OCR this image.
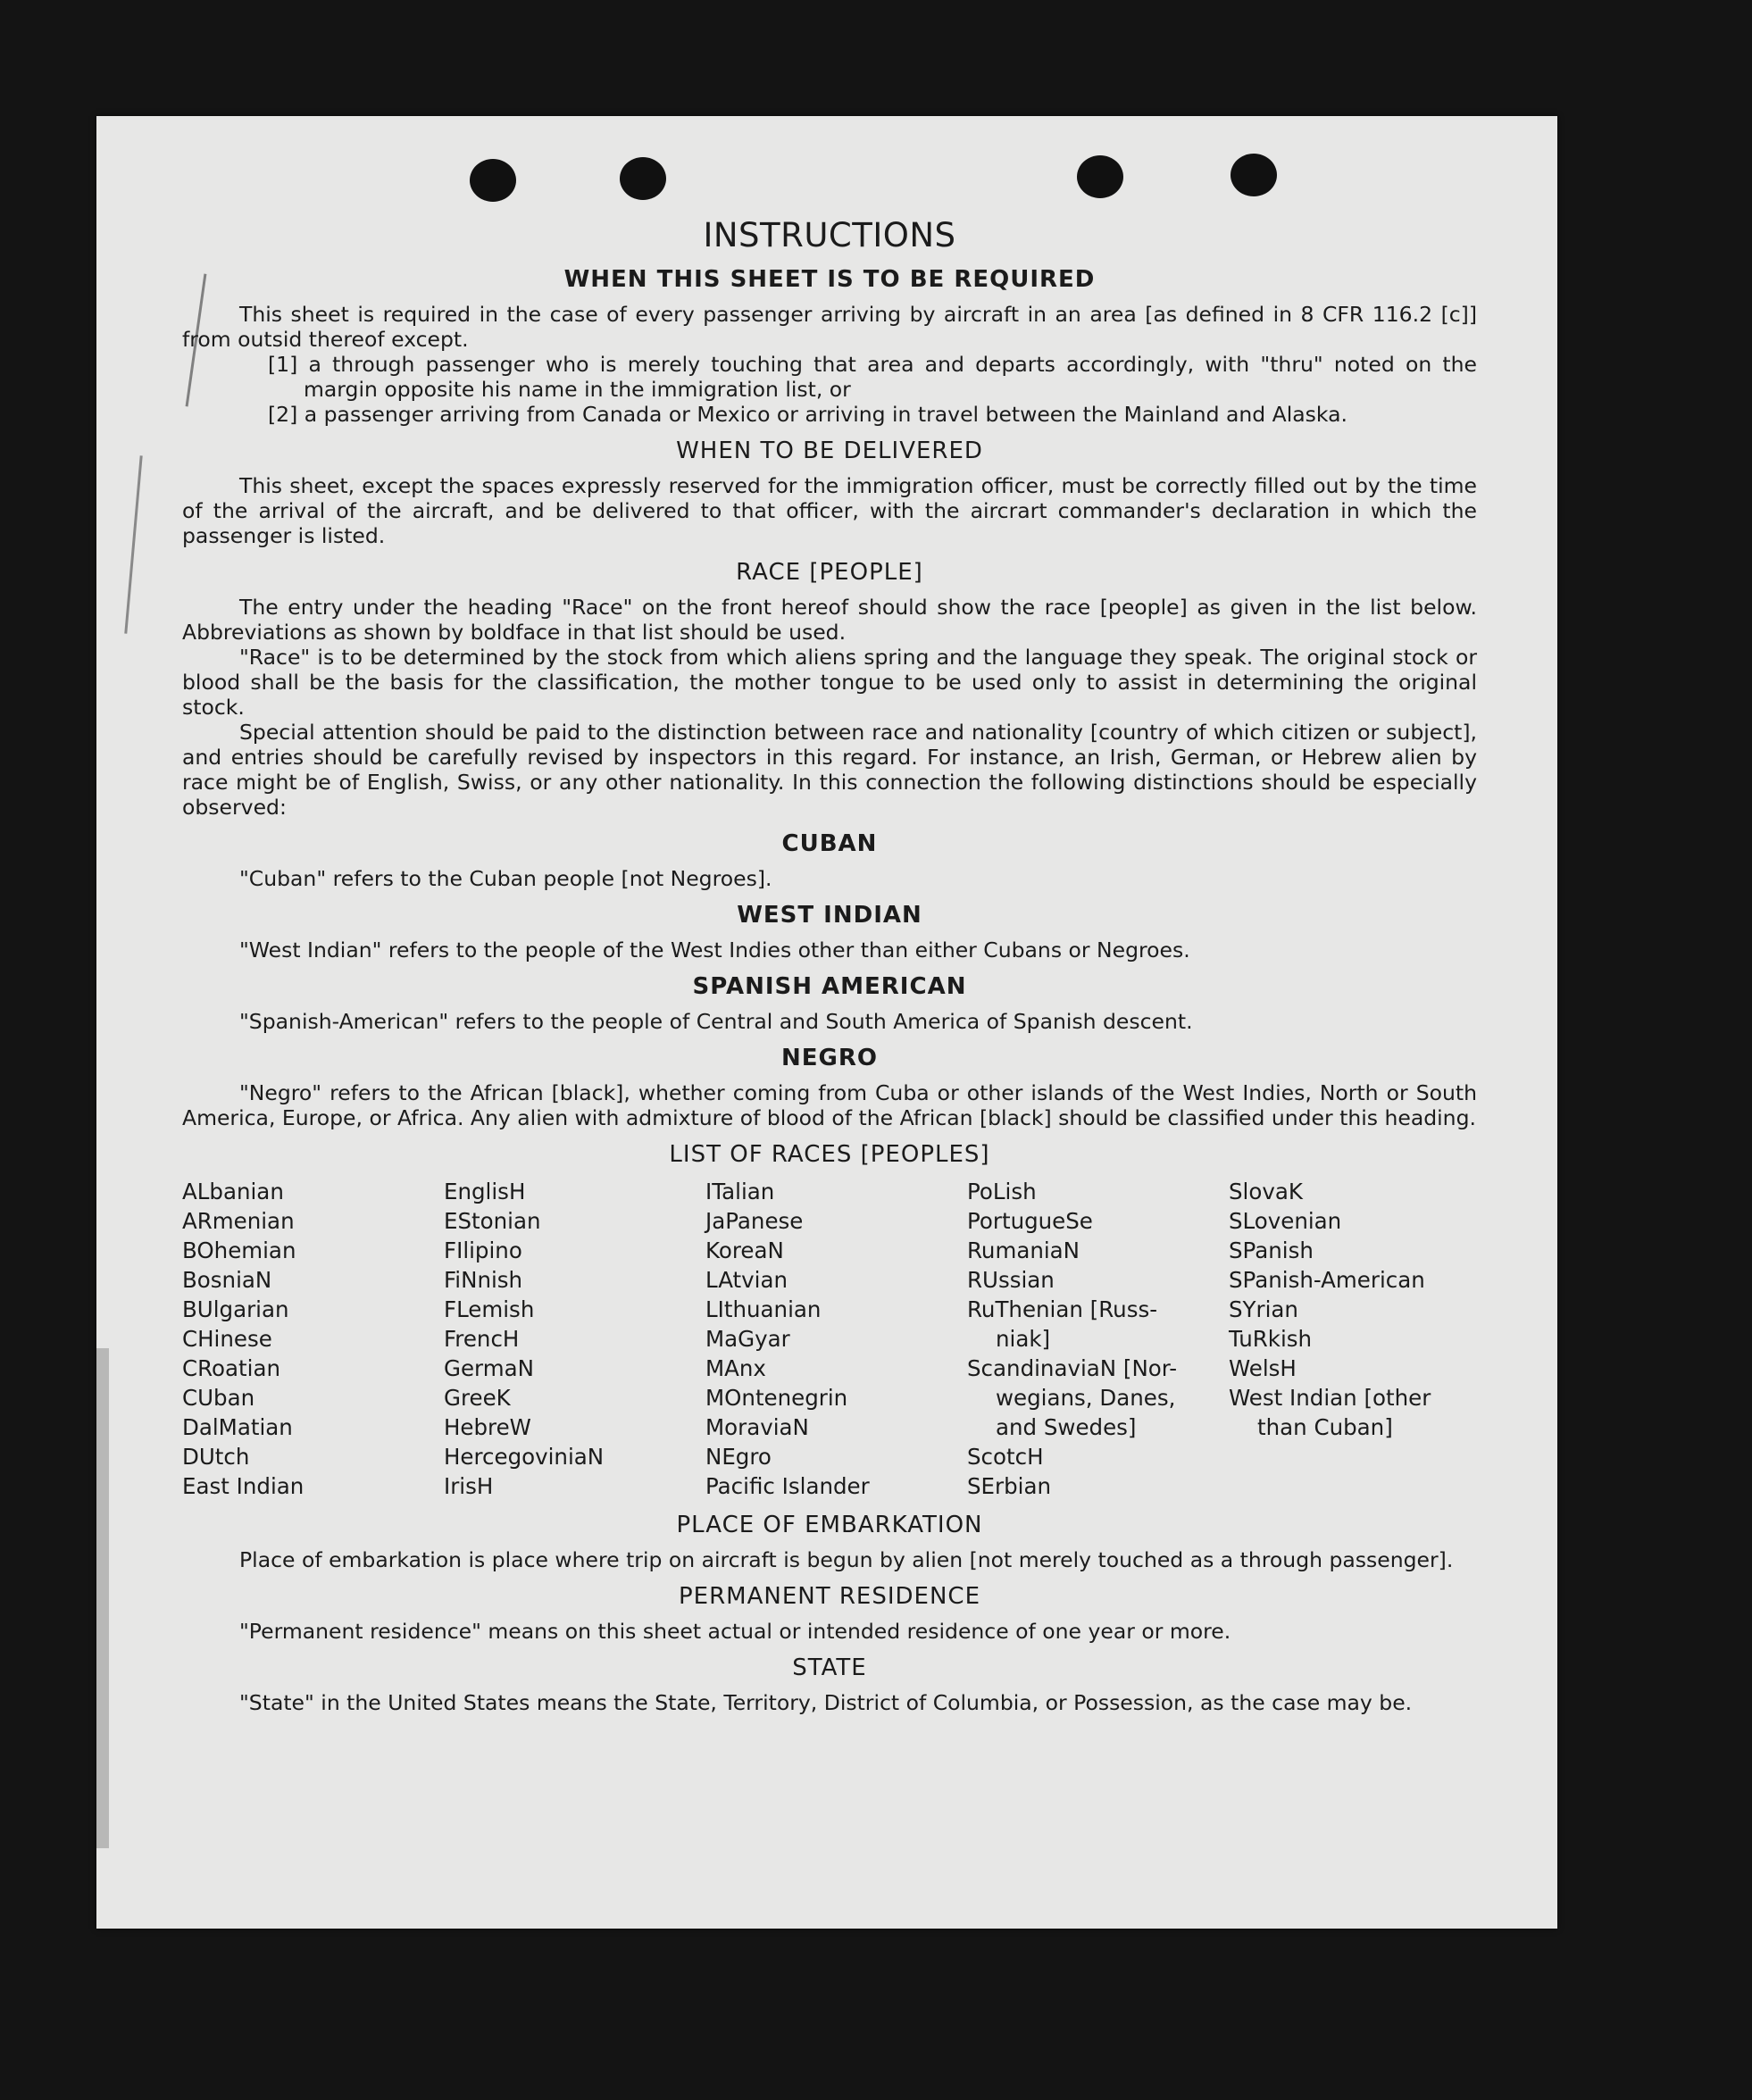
INSTRUCTIONS
WHEN THIS SHEET IS TO BE REQUIRED

This sheet is required in the case of every passenger arriving by aircraft in an area [as defined in 8 CFR 116.2 [c]] from outsid thereof except.

[1] a through passenger who is merely touching that area and departs accordingly, with "thru" noted on the margin opposite his name in the immigration list, or

[2] a passenger arriving from Canada or Mexico or arriving in travel between the Mainland and Alaska.

WHEN TO BE DELIVERED

This sheet, except the spaces expressly reserved for the immigration officer, must be correctly filled out by the time of the arrival of the aircraft, and be delivered to that officer, with the aircrart commander's declaration in which the passenger is listed.

RACE [PEOPLE]

The entry under the heading "Race" on the front hereof should show the race [people] as given in the list below. Abbreviations as shown by boldface in that list should be used.

"Race" is to be determined by the stock from which aliens spring and the language they speak. The original stock or blood shall be the basis for the classification, the mother tongue to be used only to assist in determining the original stock.

Special attention should be paid to the distinction between race and nationality [country of which citizen or subject], and entries should be carefully revised by inspectors in this regard. For instance, an Irish, German, or Hebrew alien by race might be of English, Swiss, or any other nationality. In this connection the following distinctions should be especially observed:

CUBAN

"Cuban" refers to the Cuban people [not Negroes].

WEST INDIAN

"West Indian" refers to the people of the West Indies other than either Cubans or Negroes.

SPANISH AMERICAN

"Spanish-American" refers to the people of Central and South America of Spanish descent.

NEGRO

"Negro" refers to the African [black], whether coming from Cuba or other islands of the West Indies, North or South America, Europe, or Africa. Any alien with admixture of blood of the African [black] should be classified under this heading.

LIST OF RACES [PEOPLES]
ALbanian
ARmenian
BOhemian
BosniaN
BUlgarian
CHinese
CRoatian
CUban
DalMatian
DUtch
East Indian
EnglisH
EStonian
FIlipino
FiNnish
FLemish
FrencH
GermaN
GreeK
HebreW
HercegoviniaN
IrisH
ITalian
JaPanese
KoreaN
LAtvian
LIthuanian
MaGyar
MAnx
MOntenegrin
MoraviaN
NEgro
Pacific Islander
PoLish
PortugueSe
RumaniaN
RUssian
RuThenian [Russ-
niak]
ScandinaviaN [Nor-
wegians, Danes,
and Swedes]
ScotcH
SErbian
SlovaK
SLovenian
SPanish
SPanish-American
SYrian
TuRkish
WelsH
West Indian [other
than Cuban]
PLACE OF EMBARKATION

Place of embarkation is place where trip on aircraft is begun by alien [not merely touched as a through passenger].

PERMANENT RESIDENCE

"Permanent residence" means on this sheet actual or intended residence of one year or more.

STATE

"State" in the United States means the State, Territory, District of Columbia, or Possession, as the case may be.
